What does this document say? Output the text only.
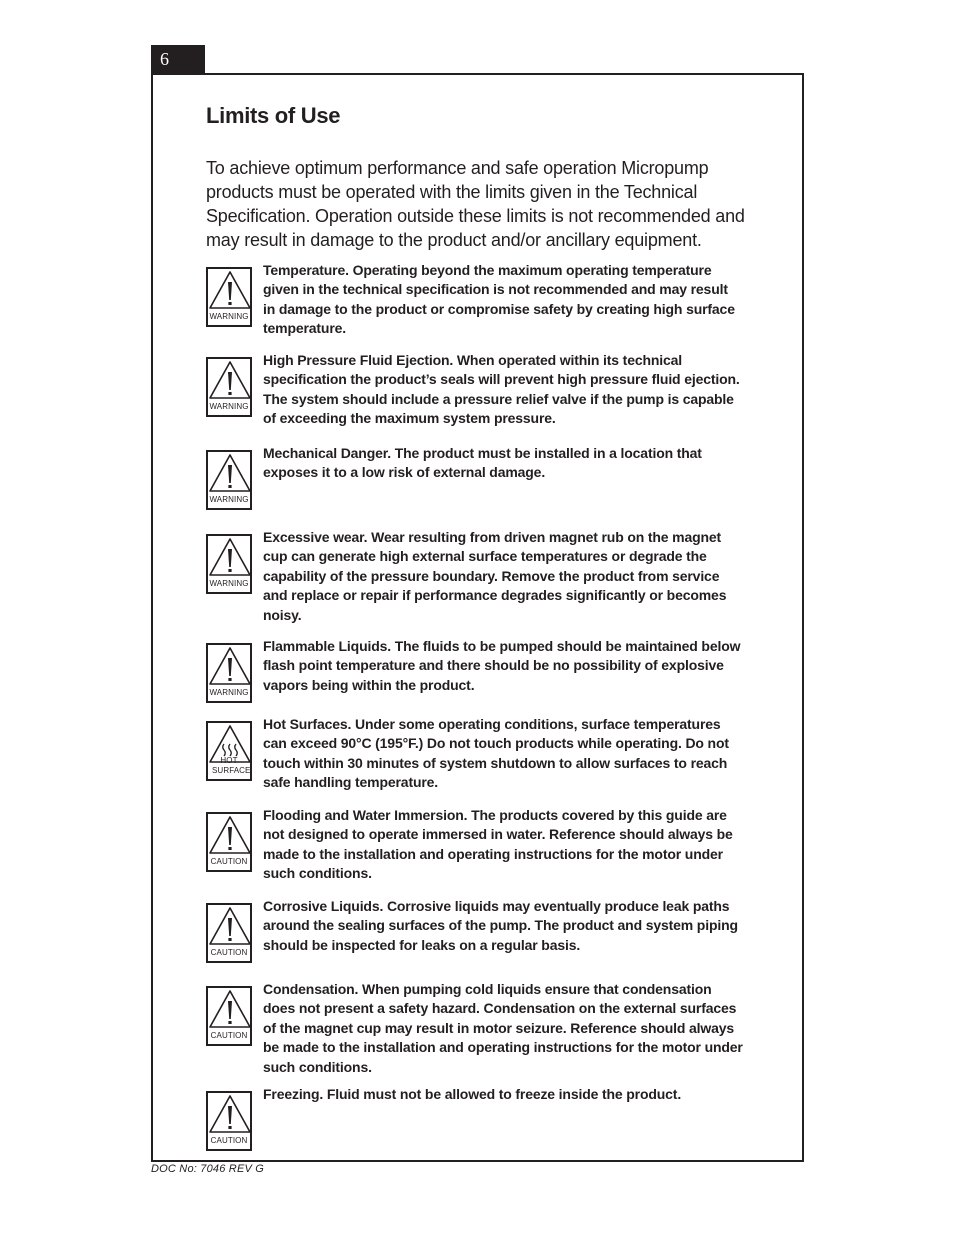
6
Limits of Use
To achieve optimum performance and safe operation Micropump products must be operated with the limits given in the Technical Specification. Operation outside these limits is not recommended and may result in damage to the product and/or ancillary equipment.
WARNING
Temperature. Operating beyond the maximum operating temperature given in the technical specification is not recommended and may result in damage to the product or compromise safety by creating high surface temperature.
WARNING
High Pressure Fluid Ejection. When operated within its technical specification the product’s seals will prevent high pressure fluid ejection. The system should include a pressure relief valve if the pump is capable of exceeding the maximum system pressure.
WARNING
Mechanical Danger. The product must be installed in a location that exposes it to a low risk of external damage.
WARNING
Excessive wear. Wear resulting from driven magnet rub on the magnet cup can generate high external surface temperatures or degrade the capability of the pressure boundary. Remove the product from service and replace or repair if performance degrades significantly or becomes noisy.
WARNING
Flammable Liquids. The fluids to be pumped should be maintained below flash point temperature and there should be no possibility of explosive vapors being within the product.
HOT SURFACE
Hot Surfaces. Under some operating conditions, surface temperatures can exceed 90°C (195°F.) Do not touch products while operating. Do not touch within 30 minutes of system shutdown to allow surfaces to reach safe handling temperature.
CAUTION
Flooding and Water Immersion. The products covered by this guide are not designed to operate immersed in water. Reference should always be made to the installation and operating instructions for the motor under such conditions.
CAUTION
Corrosive Liquids. Corrosive liquids may eventually produce leak paths around the sealing surfaces of the pump. The product and system piping should be inspected for leaks on a regular basis.
CAUTION
Condensation. When pumping cold liquids ensure that condensation does not present a safety hazard. Condensation on the external surfaces of the magnet cup may result in motor seizure. Reference should always be made to the installation and operating instructions for the motor under such conditions.
CAUTION
Freezing. Fluid must not be allowed to freeze inside the product.
DOC No: 7046 REV G
